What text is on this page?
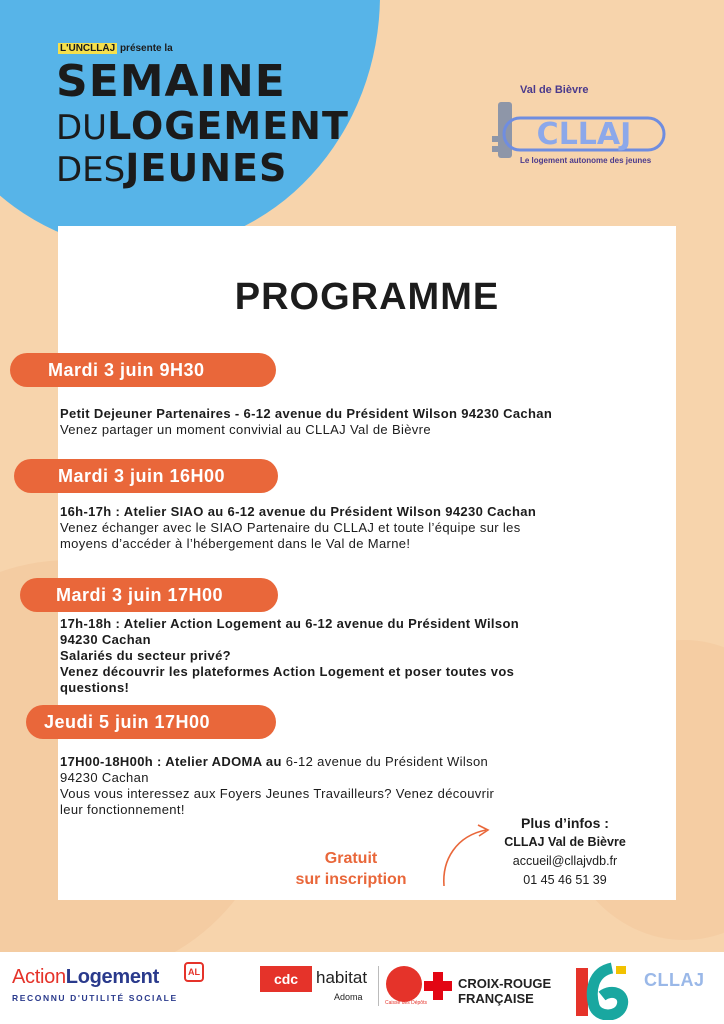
L'UNCLLAJ présente la
SEMAINE
DULOGEMENT
DESJEUNES
Val de Bièvre
CLLAJ
Le logement autonome des jeunes
PROGRAMME
Mardi 3 juin 9H30
Petit Dejeuner Partenaires - 6-12 avenue du Président Wilson 94230 Cachan
Venez partager un moment convivial au CLLAJ Val de Bièvre
Mardi 3 juin 16H00
16h-17h : Atelier SIAO au 6-12 avenue du Président Wilson 94230 Cachan
Venez échanger avec le SIAO Partenaire du CLLAJ et toute l’équipe sur les
moyens d’accéder à l’hébergement dans le Val de Marne!
Mardi 3 juin 17H00
17h-18h : Atelier Action Logement au 6-12 avenue du Président Wilson
94230 Cachan
Salariés du secteur privé?
Venez découvrir les plateformes Action Logement et poser toutes vos
questions!
Jeudi 5 juin 17H00
17H00-18H00h : Atelier ADOMA au 6-12 avenue du Président Wilson
94230 Cachan
Vous vous interessez aux Foyers Jeunes Travailleurs? Venez découvrir
leur fonctionnement!
Gratuit
sur inscription
Plus d’infos :
CLLAJ Val de Bièvre
accueil@cllajvdb.fr
01 45 46 51 39
ActionLogement	AL
RECONNU D'UTILITÉ SOCIALE
cdc	habitat
Adoma
Caisse des Dépôts
CROIX-ROUGE
FRANÇAISE
CLLAJ
